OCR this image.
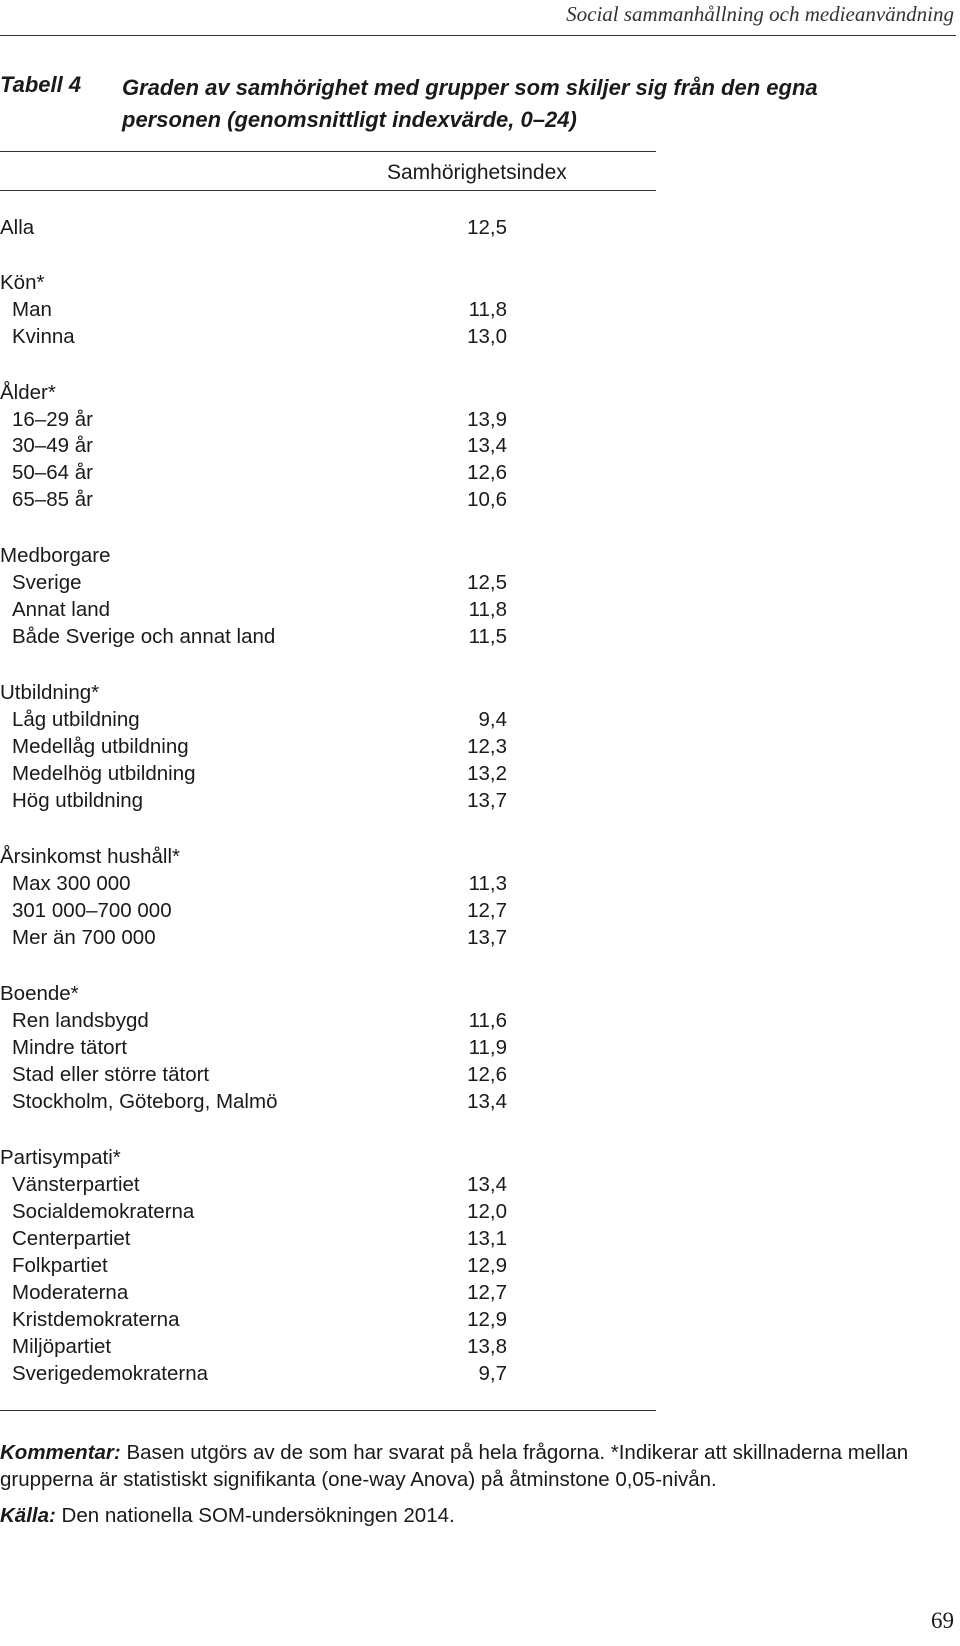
Social sammanhållning och medieanvändning
Tabell 4 Graden av samhörighet med grupper som skiljer sig från den egna personen (genomsnittligt indexvärde, 0–24)
Samhörighetsindex
Alla	12,5
Kön*
Man	11,8
Kvinna	13,0
Ålder*
16–29 år	13,9
30–49 år	13,4
50–64 år	12,6
65–85 år	10,6
Medborgare
Sverige	12,5
Annat land	11,8
Både Sverige och annat land	11,5
Utbildning*
Låg utbildning	9,4
Medellåg utbildning	12,3
Medelhög utbildning	13,2
Hög utbildning	13,7
Årsinkomst hushåll*
Max 300 000	11,3
301 000–700 000	12,7
Mer än 700 000	13,7
Boende*
Ren landsbygd	11,6
Mindre tätort	11,9
Stad eller större tätort	12,6
Stockholm, Göteborg, Malmö	13,4
Partisympati*
Vänsterpartiet	13,4
Socialdemokraterna	12,0
Centerpartiet	13,1
Folkpartiet	12,9
Moderaterna	12,7
Kristdemokraterna	12,9
Miljöpartiet	13,8
Sverigedemokraterna	9,7
Kommentar: Basen utgörs av de som har svarat på hela frågorna. *Indikerar att skillnaderna mellan grupperna är statistiskt signifikanta (one-way Anova) på åtminstone 0,05-nivån.
Källa: Den nationella SOM-undersökningen 2014.
69
